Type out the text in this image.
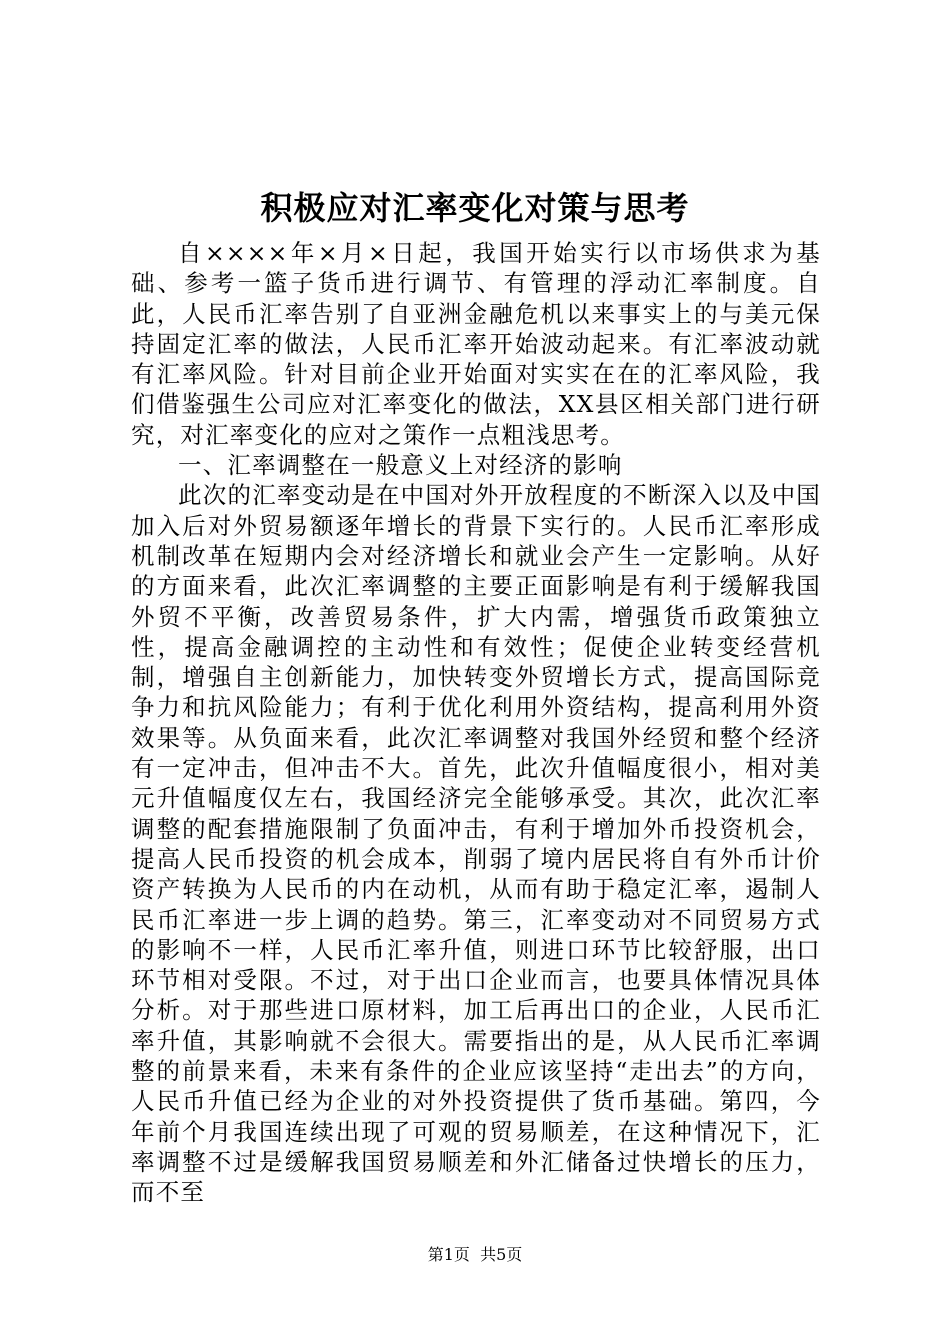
积极应对汇率变化对策与思考

自××××年×月×日起，我国开始实行以市场供求为基础、参考一篮子货币进行调节、有管理的浮动汇率制度。自此，人民币汇率告别了自亚洲金融危机以来事实上的与美元保持固定汇率的做法，人民币汇率开始波动起来。有汇率波动就有汇率风险。针对目前企业开始面对实实在在的汇率风险，我们借鉴强生公司应对汇率变化的做法，XX县区相关部门进行研究，对汇率变化的应对之策作一点粗浅思考。

一、汇率调整在一般意义上对经济的影响

此次的汇率变动是在中国对外开放程度的不断深入以及中国加入后对外贸易额逐年增长的背景下实行的。人民币汇率形成机制改革在短期内会对经济增长和就业会产生一定影响。从好的方面来看，此次汇率调整的主要正面影响是有利于缓解我国外贸不平衡，改善贸易条件，扩大内需，增强货币政策独立性，提高金融调控的主动性和有效性；促使企业转变经营机制，增强自主创新能力，加快转变外贸增长方式，提高国际竞争力和抗风险能力；有利于优化利用外资结构，提高利用外资效果等。从负面来看，此次汇率调整对我国外经贸和整个经济有一定冲击，但冲击不大。首先，此次升值幅度很小，相对美元升值幅度仅左右，我国经济完全能够承受。其次，此次汇率调整的配套措施限制了负面冲击，有利于增加外币投资机会，提高人民币投资的机会成本，削弱了境内居民将自有外币计价资产转换为人民币的内在动机，从而有助于稳定汇率，遏制人民币汇率进一步上调的趋势。第三，汇率变动对不同贸易方式的影响不一样，人民币汇率升值，则进口环节比较舒服，出口环节相对受限。不过，对于出口企业而言，也要具体情况具体分析。对于那些进口原材料，加工后再出口的企业，人民币汇率升值，其影响就不会很大。需要指出的是，从人民币汇率调整的前景来看，未来有条件的企业应该坚持“走出去”的方向，人民币升值已经为企业的对外投资提供了货币基础。第四，今年前个月我国连续出现了可观的贸易顺差，在这种情况下，汇率调整不过是缓解我国贸易顺差和外汇储备过快增长的压力，而不至

第1页 共5页
